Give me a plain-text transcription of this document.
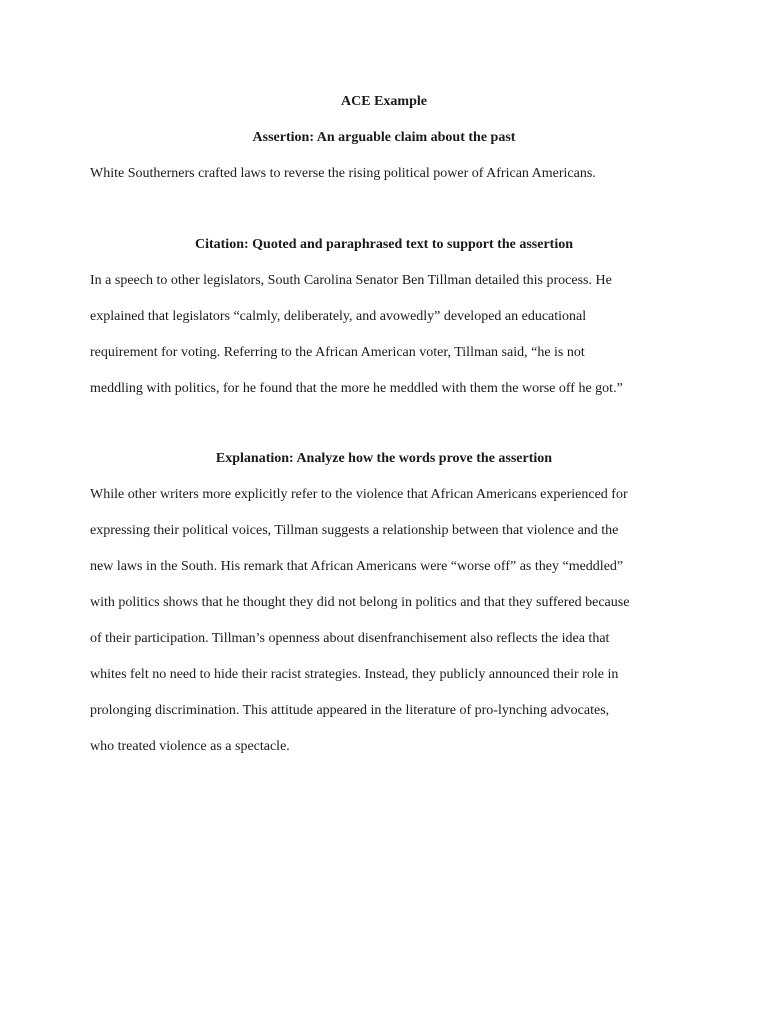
ACE Example
Assertion: An arguable claim about the past

White Southerners crafted laws to reverse the rising political power of African Americans.

Citation: Quoted and paraphrased text to support the assertion

In a speech to other legislators, South Carolina Senator Ben Tillman detailed this process. He
explained that legislators “calmly, deliberately, and avowedly” developed an educational
requirement for voting. Referring to the African American voter, Tillman said, “he is not
meddling with politics, for he found that the more he meddled with them the worse off he got.”

Explanation: Analyze how the words prove the assertion

While other writers more explicitly refer to the violence that African Americans experienced for
expressing their political voices, Tillman suggests a relationship between that violence and the
new laws in the South. His remark that African Americans were “worse off” as they “meddled”
with politics shows that he thought they did not belong in politics and that they suffered because
of their participation. Tillman’s openness about disenfranchisement also reflects the idea that
whites felt no need to hide their racist strategies. Instead, they publicly announced their role in
prolonging discrimination. This attitude appeared in the literature of pro-lynching advocates,
who treated violence as a spectacle.
